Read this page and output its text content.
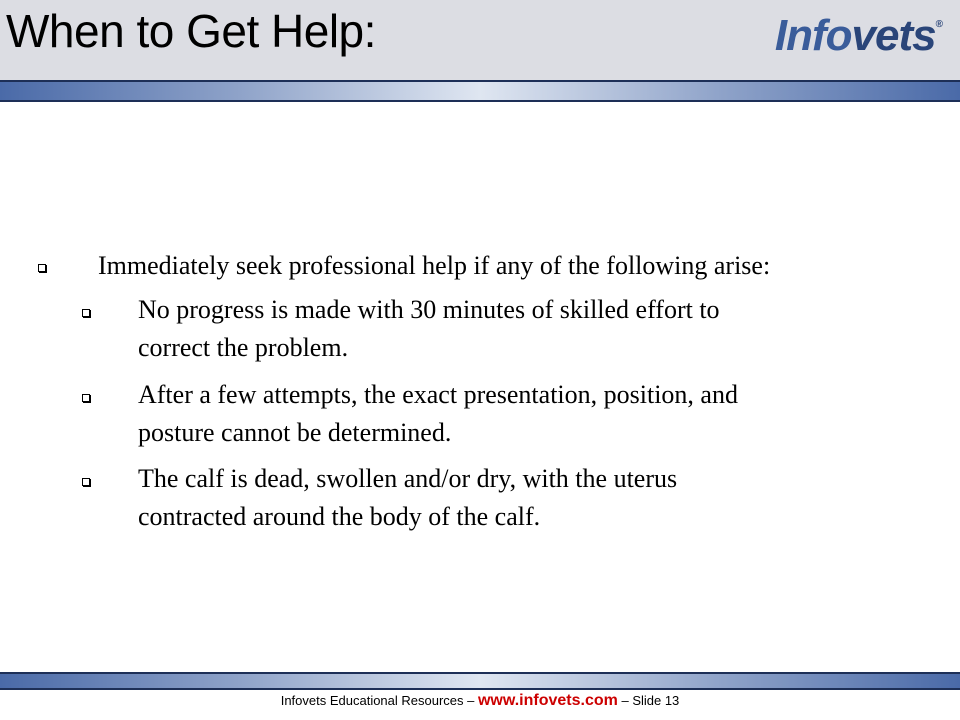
When to Get Help:	Infovets®
Immediately seek professional help if any of the following arise:
No progress is made with 30 minutes of skilled effort to
correct the problem.
After a few attempts, the exact presentation, position, and
posture cannot be determined.
The calf is dead, swollen and/or dry, with the uterus
contracted around the body of the calf.
Infovets Educational Resources – www.infovets.com – Slide 13
